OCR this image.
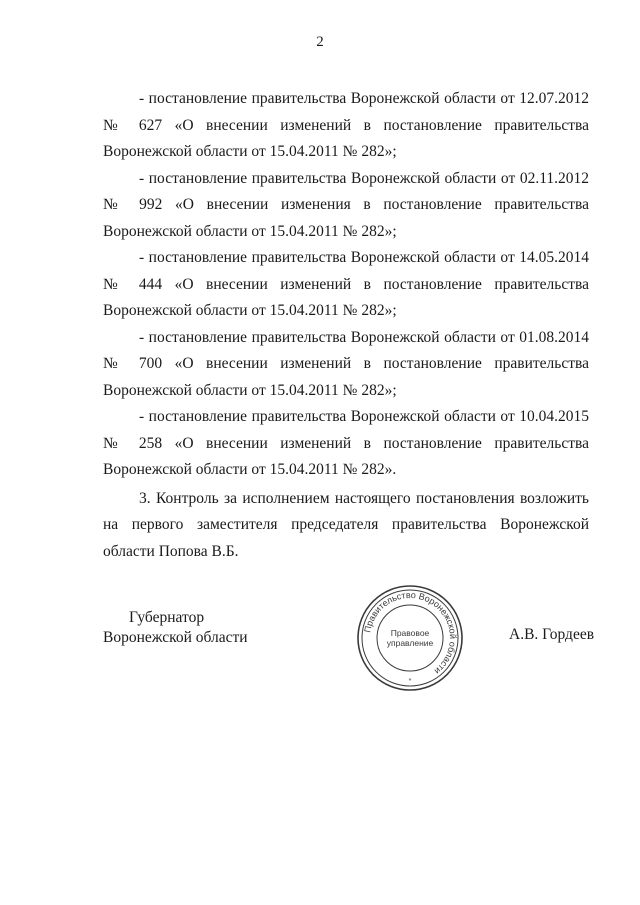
2

- постановление правительства Воронежской области от 12.07.2012 № 627 «О внесении изменений в постановление правительства Воронежской области от 15.04.2011 № 282»;

- постановление правительства Воронежской области от 02.11.2012 № 992 «О внесении изменения в постановление правительства Воронежской области от 15.04.2011 № 282»;

- постановление правительства Воронежской области от 14.05.2014 № 444 «О внесении изменений в постановление правительства Воронежской области от 15.04.2011 № 282»;

- постановление правительства Воронежской области от 01.08.2014 № 700 «О внесении изменений в постановление правительства Воронежской области от 15.04.2011 № 282»;

- постановление правительства Воронежской области от 10.04.2015 № 258 «О внесении изменений в постановление правительства Воронежской области от 15.04.2011 № 282».

3. Контроль за исполнением настоящего постановления возложить на первого заместителя председателя правительства Воронежской области Попова В.Б.

Губернатор
Воронежской области	Правительство Воронежской области
Правовое
управление
*
А.В. Гордеев
